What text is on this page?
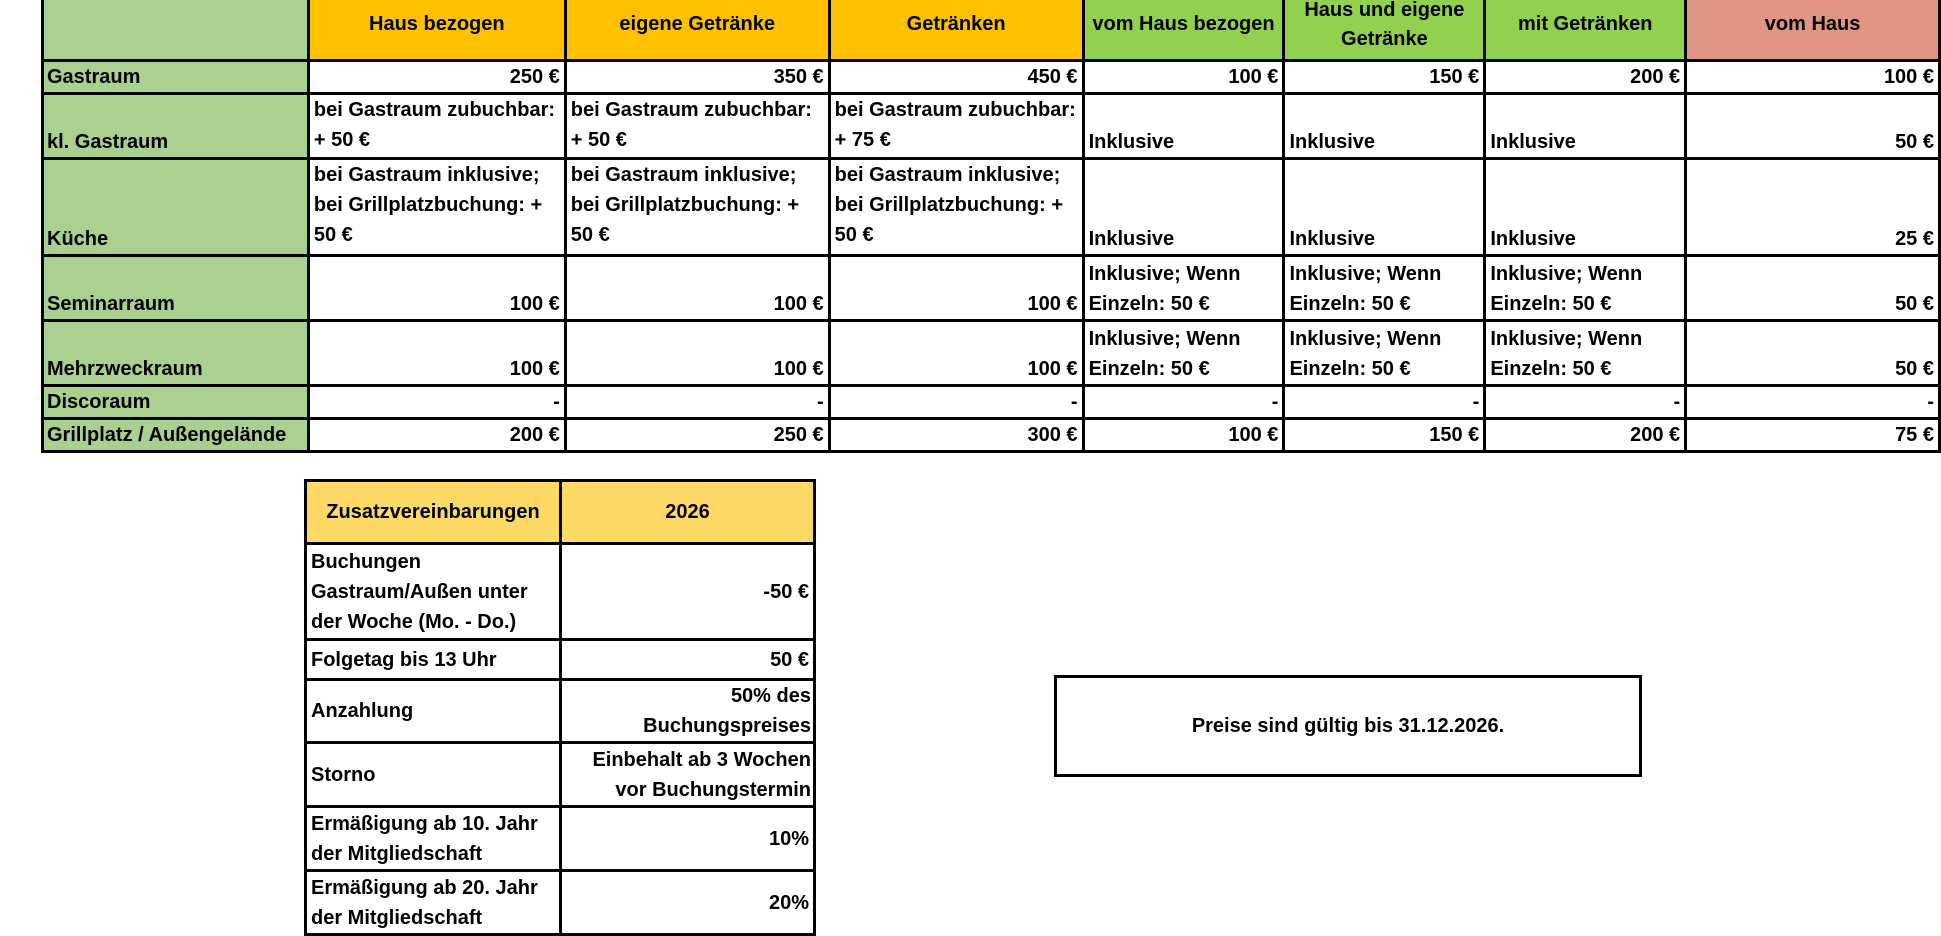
	Haus bezogen	eigene Getränke	Getränken	vom Haus bezogen	Haus und eigene Getränke	mit Getränken	vom Haus
Gastraum	250 €	350 €	450 €	100 €	150 €	200 €	100 €
kl. Gastraum	bei Gastraum zubuchbar: + 50 €	bei Gastraum zubuchbar: + 50 €	bei Gastraum zubuchbar: + 75 €	Inklusive	Inklusive	Inklusive	50 €
Küche	bei Gastraum inklusive; bei Grillplatzbuchung: + 50 €	bei Gastraum inklusive; bei Grillplatzbuchung: + 50 €	bei Gastraum inklusive; bei Grillplatzbuchung: + 50 €	Inklusive	Inklusive	Inklusive	25 €
Seminarraum	100 €	100 €	100 €	Inklusive; Wenn Einzeln: 50 €	Inklusive; Wenn Einzeln: 50 €	Inklusive; Wenn Einzeln: 50 €	50 €
Mehrzweckraum	100 €	100 €	100 €	Inklusive; Wenn Einzeln: 50 €	Inklusive; Wenn Einzeln: 50 €	Inklusive; Wenn Einzeln: 50 €	50 €
Discoraum	-	-	-	-	-	-	-
Grillplatz / Außengelände	200 €	250 €	300 €	100 €	150 €	200 €	75 €
Zusatzvereinbarungen	2026
Buchungen Gastraum/Außen unter der Woche (Mo. - Do.)	-50 €
Folgetag bis 13 Uhr	50 €
Anzahlung	50% des Buchungspreises
Storno	Einbehalt ab 3 Wochen vor Buchungstermin
Ermäßigung ab 10. Jahr der Mitgliedschaft	10%
Ermäßigung ab 20. Jahr der Mitgliedschaft	20%
Preise sind gültig bis 31.12.2026.
